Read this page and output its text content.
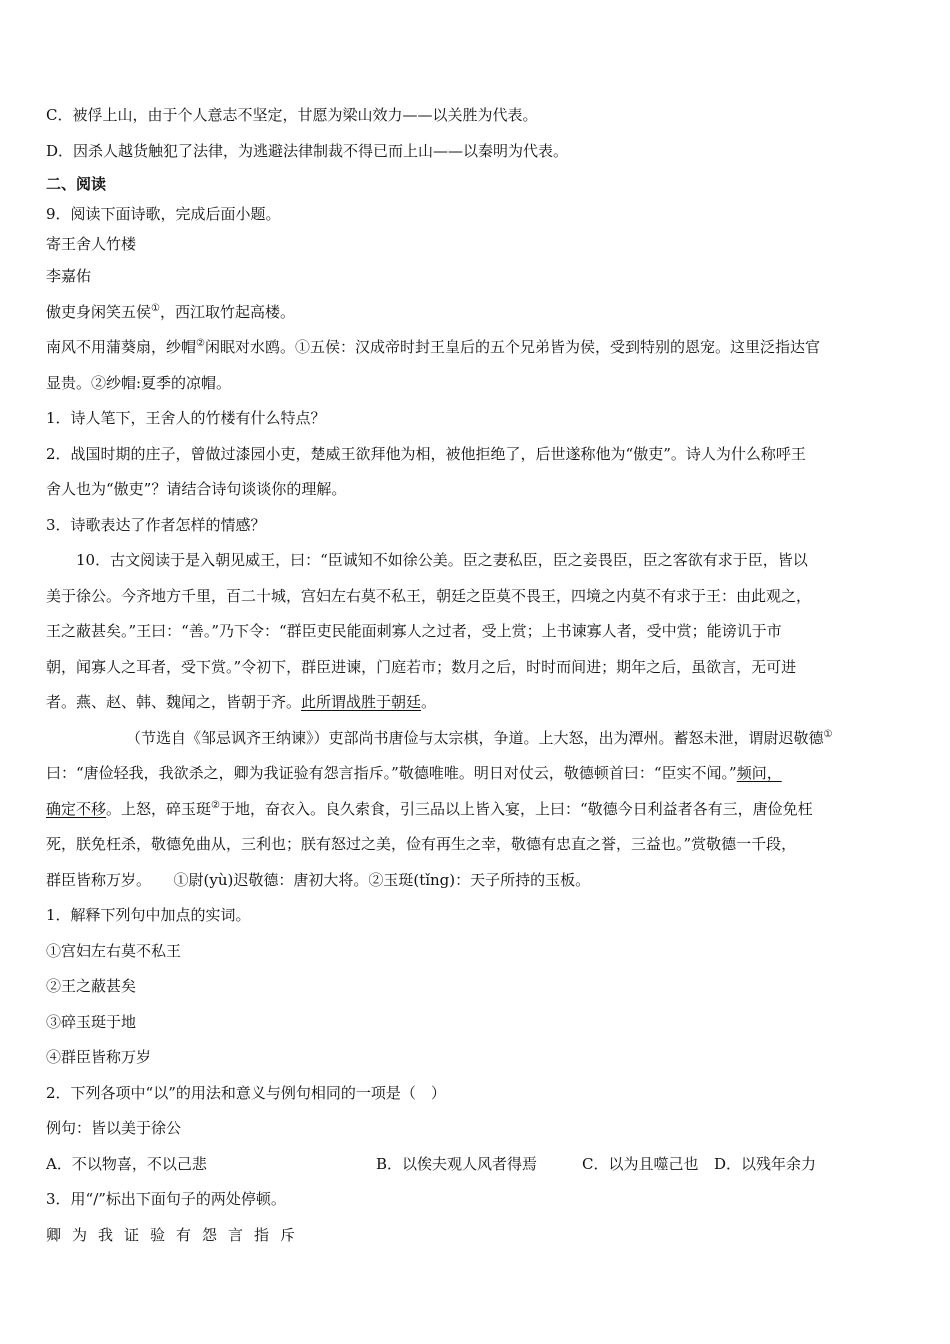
C．被俘上山，由于个人意志不坚定，甘愿为梁山效力——以关胜为代表。
D．因杀人越货触犯了法律，为逃避法律制裁不得已而上山——以秦明为代表。
二、阅读
9．阅读下面诗歌，完成后面小题。
寄王舍人竹楼
李嘉佑
傲吏身闲笑五侯①，西江取竹起高楼。
南风不用蒲葵扇，纱帽②闲眠对水鸥。①五侯：汉成帝时封王皇后的五个兄弟皆为侯，受到特别的恩宠。这里泛指达官
显贵。②纱帽:夏季的凉帽。
1．诗人笔下，王舍人的竹楼有什么特点？
2．战国时期的庄子，曾做过漆园小吏，楚威王欲拜他为相，被他拒绝了，后世遂称他为“傲吏”。诗人为什么称呼王
舍人也为“傲吏”？请结合诗句谈谈你的理解。
3．诗歌表达了作者怎样的情感？
10．古文阅读于是入朝见威王，曰：“臣诚知不如徐公美。臣之妻私臣，臣之妾畏臣，臣之客欲有求于臣，皆以
美于徐公。今齐地方千里，百二十城，宫妇左右莫不私王，朝廷之臣莫不畏王，四境之内莫不有求于王：由此观之，
王之蔽甚矣。”王曰：“善。”乃下令：“群臣吏民能面刺寡人之过者，受上赏；上书谏寡人者，受中赏；能谤讥于市
朝，闻寡人之耳者，受下赏。”令初下，群臣进谏，门庭若市；数月之后，时时而间进；期年之后，虽欲言，无可进
者。燕、赵、韩、魏闻之，皆朝于齐。此所谓战胜于朝廷。
（节选自《邹忌讽齐王纳谏》）吏部尚书唐俭与太宗棋，争道。上大怒，出为潭州。蓄怒未泄，谓尉迟敬德①
曰：“唐俭轻我，我欲杀之，卿为我证验有怨言指斥。”敬德唯唯。明日对仗云，敬德顿首曰：“臣实不闻。”频问，
确定不移。上怒，碎玉珽②于地，奋衣入。良久索食，引三品以上皆入宴，上曰：“敬德今日利益者各有三，唐俭免枉
死，朕免枉杀，敬德免曲从，三利也；朕有怒过之美，俭有再生之幸，敬德有忠直之誉，三益也。”赏敬德一千段，
群臣皆称万岁。　　①尉(yù)迟敬德：唐初大将。②玉珽(tǐng)：天子所持的玉板。
1．解释下列句中加点的实词。
①宫妇左右莫不私王
②王之蔽甚矣
③碎玉珽于地
④群臣皆称万岁
2．下列各项中“以”的用法和意义与例句相同的一项是（　）
例句：皆以美于徐公
A．不以物喜，不以己悲	B．以俟夫观人风者得焉	C．以为且噬己也 D．以残年余力
3．用“/”标出下面句子的两处停顿。
卿为我证验有怨言指斥
